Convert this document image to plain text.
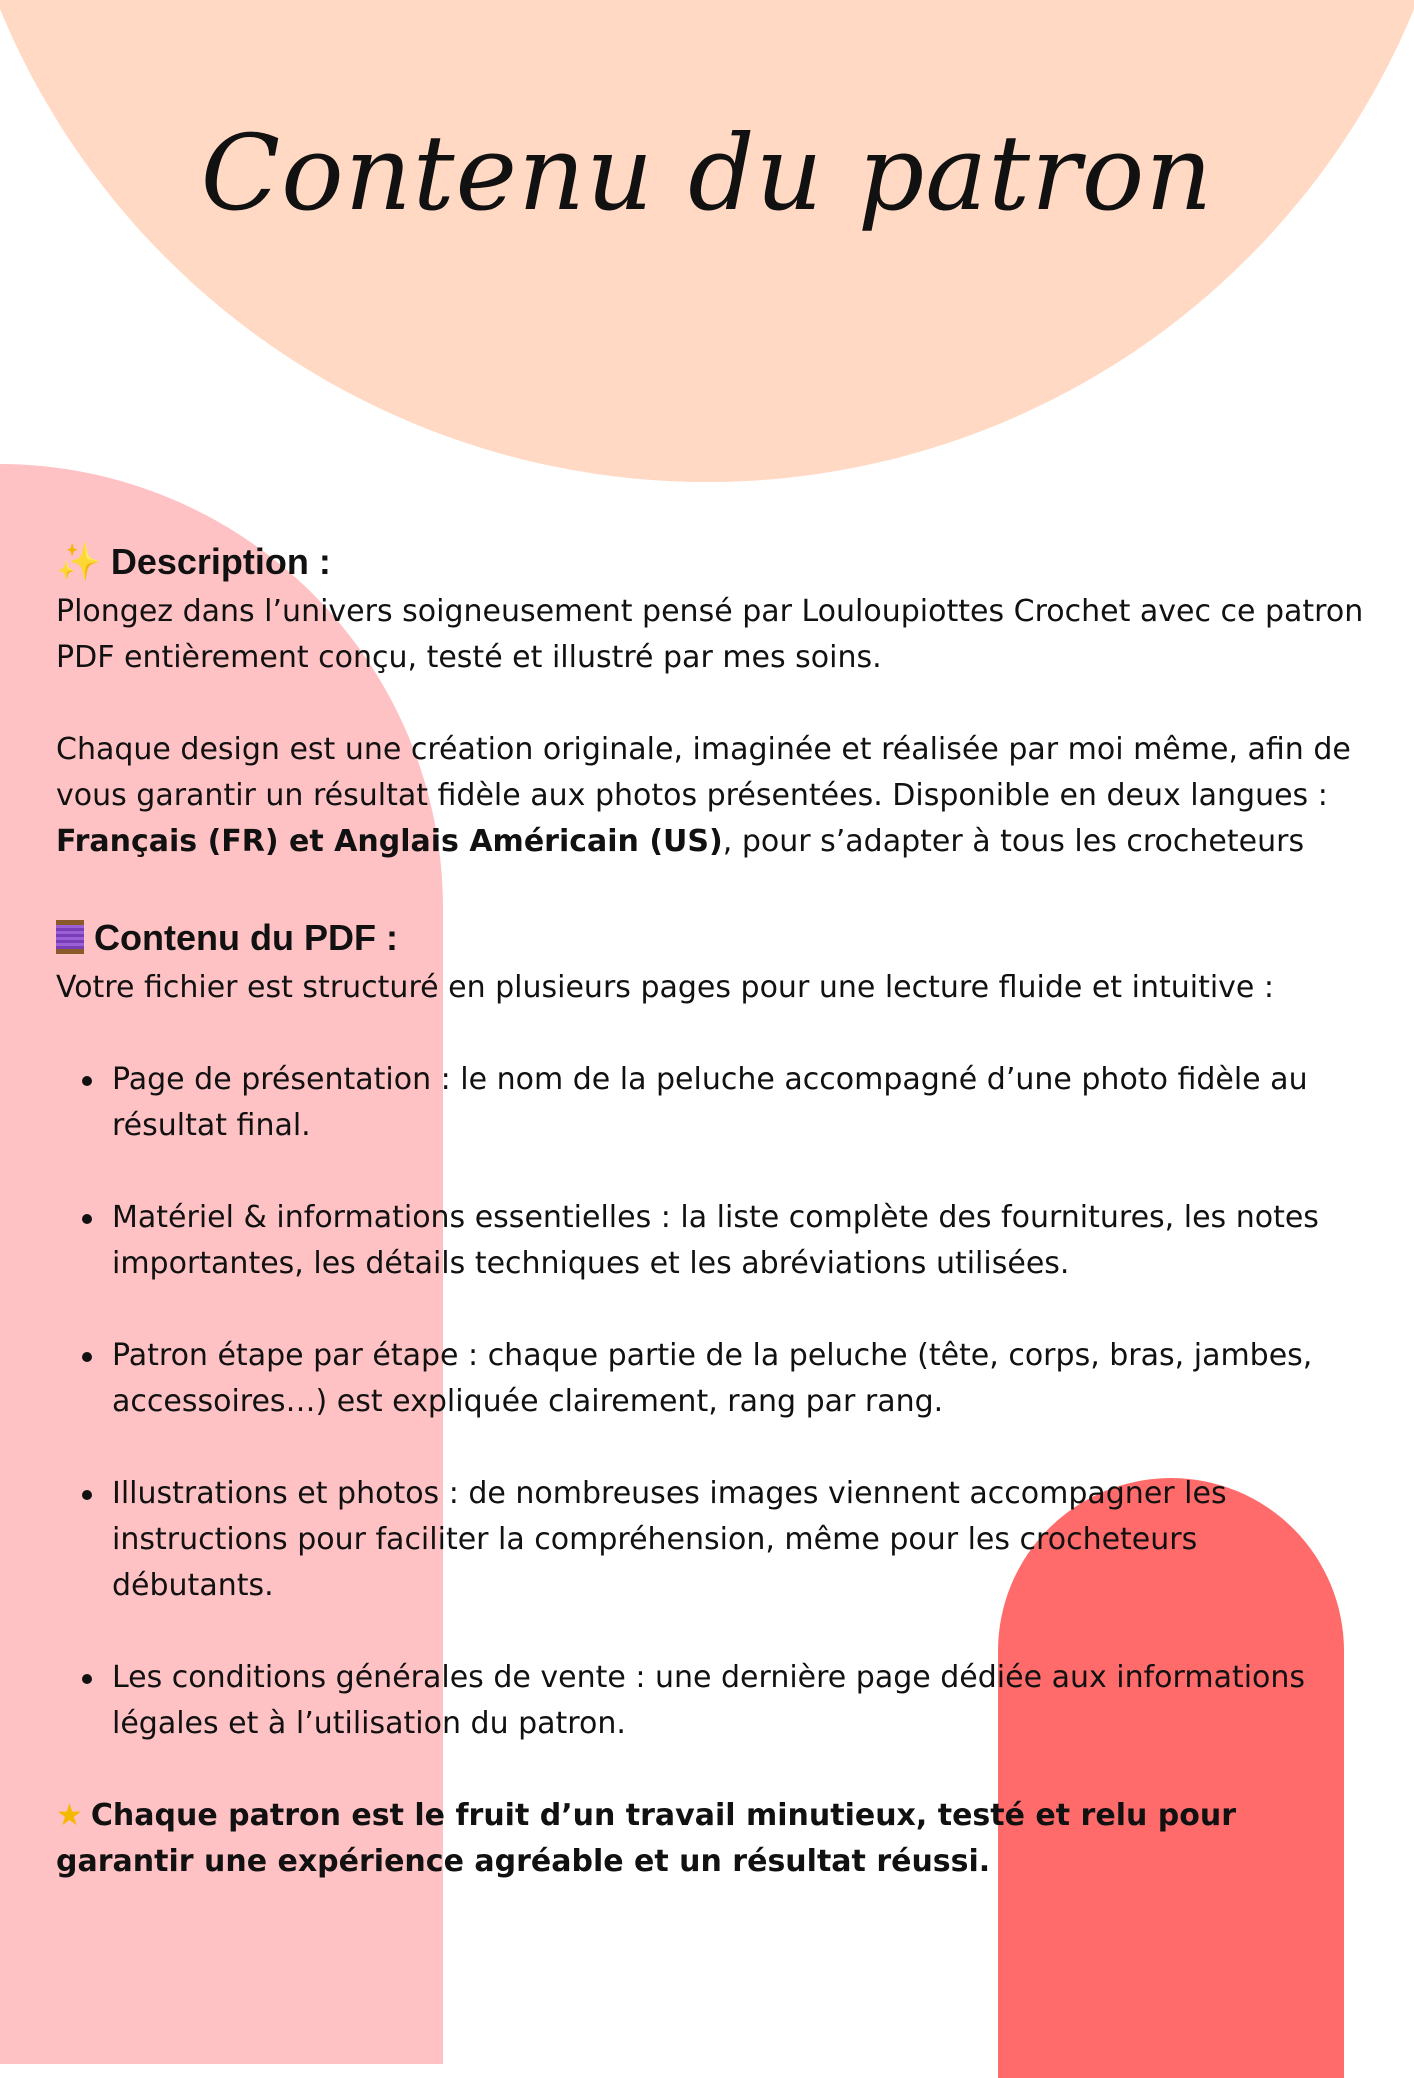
Contenu du patron
✨ Description :

Plongez dans l’univers soigneusement pensé par Louloupiottes Crochet avec ce patron PDF entièrement conçu, testé et illustré par mes soins.

Chaque design est une création originale, imaginée et réalisée par moi même, afin de vous garantir un résultat fidèle aux photos présentées. Disponible en deux langues : Français (FR) et Anglais Américain (US), pour s’adapter à tous les crocheteurs

Contenu du PDF :

Votre fichier est structuré en plusieurs pages pour une lecture fluide et intuitive :

Page de présentation : le nom de la peluche accompagné d’une photo fidèle au résultat final.
Matériel & informations essentielles : la liste complète des fournitures, les notes importantes, les détails techniques et les abréviations utilisées.
Patron étape par étape : chaque partie de la peluche (tête, corps, bras, jambes, accessoires…) est expliquée clairement, rang par rang.
Illustrations et photos : de nombreuses images viennent accompagner les instructions pour faciliter la compréhension, même pour les crocheteurs débutants.
Les conditions générales de vente : une dernière page dédiée aux informations légales et à l’utilisation du patron.

★ Chaque patron est le fruit d’un travail minutieux, testé et relu pour garantir une expérience agréable et un résultat réussi.
